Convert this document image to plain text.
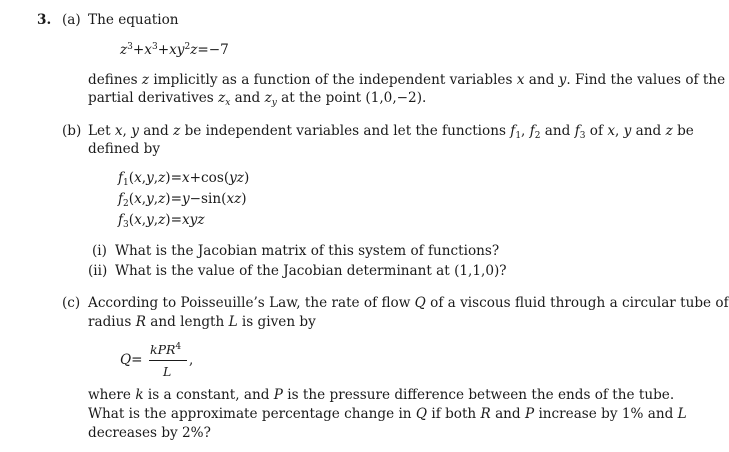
3. (a) The equation
$z^3+x^3+xy^2z=-7$
defines z implicitly as a function of the independent variables x and y. Find the values of the
partial derivatives $z_x$ and $z_y$ at the point (1,0,−2).
(b) Let x, y and z be independent variables and let the functions $f_1$, $f_2$ and $f_3$ of x, y and z be
defined by
$f_1(x,y,z)=x+\cos(yz)$
$f_2(x,y,z)=y-\sin(xz)$
$f_3(x,y,z)=xyz$
(i) What is the Jacobian matrix of this system of functions?
(ii) What is the value of the Jacobian determinant at (1,1,0)?
(c) According to Poisseuille’s Law, the rate of flow Q of a viscous fluid through a circular tube of
radius R and length L is given by
Q=
kPR$^4$
L
,
where k is a constant, and P is the pressure difference between the ends of the tube.
What is the approximate percentage change in Q if both R and P increase by 1% and L
decreases by 2%?
